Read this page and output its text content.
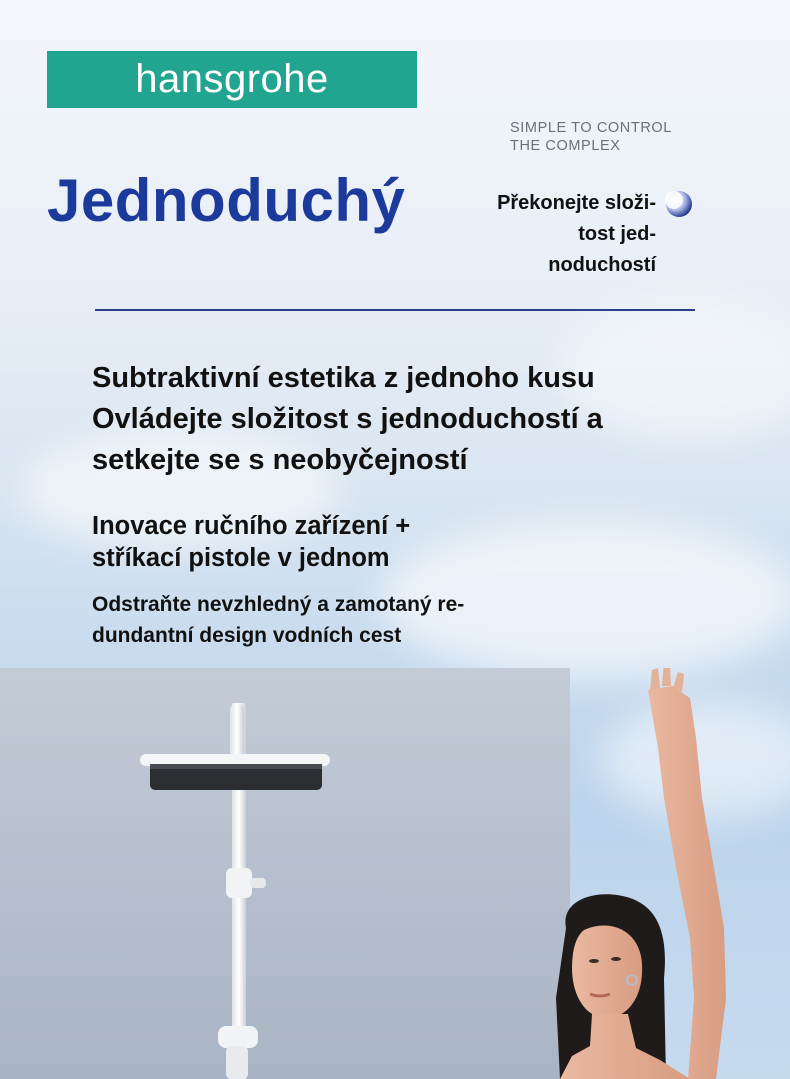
hansgrohe
SIMPLE TO CONTROL
THE COMPLEX
Jednoduchý	Překonejte složi-
tost jed-
noduchostí
Subtraktivní estetika z jednoho kusu
Ovládejte složitost s jednoduchostí a
setkejte se s neobyčejností
Inovace ručního zařízení +
stříkací pistole v jednom
Odstraňte nevzhledný a zamotaný re-
dundantní design vodních cest
